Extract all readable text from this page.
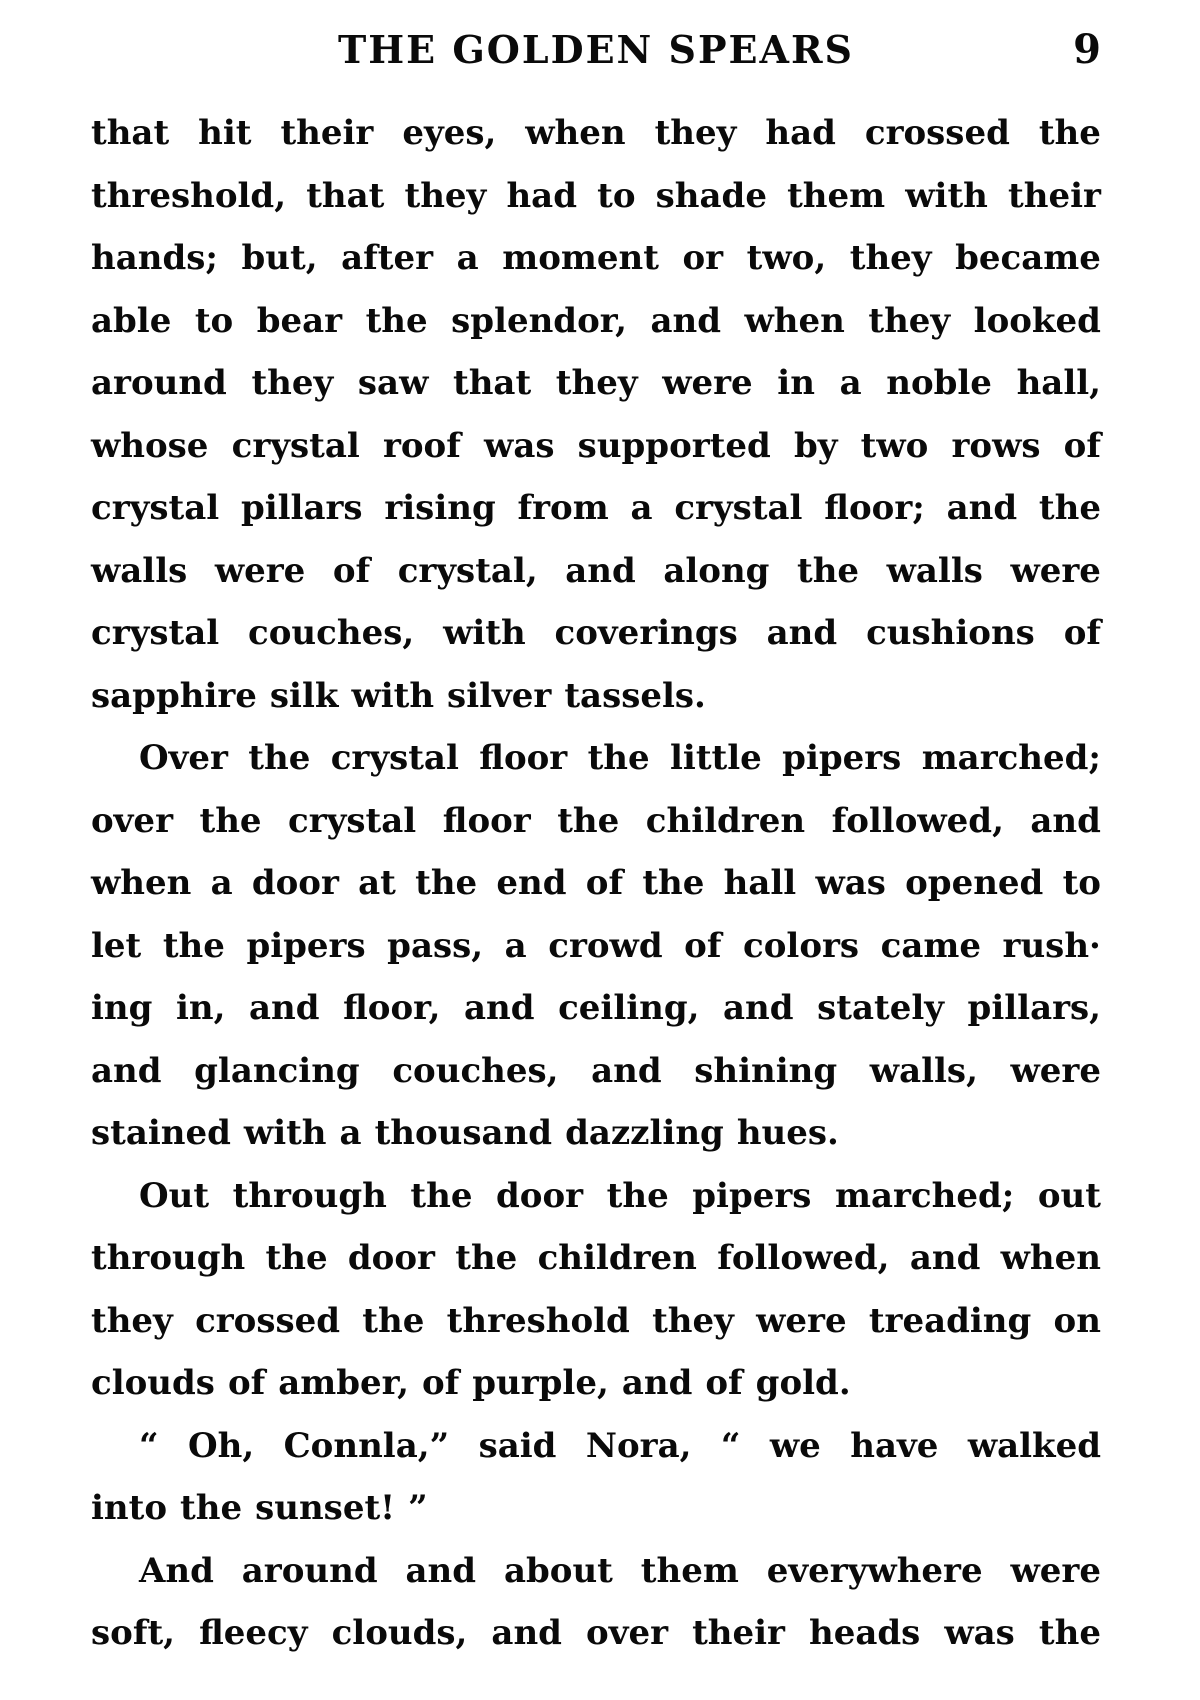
THE GOLDEN SPEARS	9
that hit their eyes, when they had crossed the
threshold, that they had to shade them with their
hands; but, after a moment or two, they became
able to bear the splendor, and when they looked
around they saw that they were in a noble hall,
whose crystal roof was supported by two rows of
crystal pillars rising from a crystal floor; and the
walls were of crystal, and along the walls were
crystal couches, with coverings and cushions of
sapphire silk with silver tassels.
Over the crystal floor the little pipers marched;
over the crystal floor the children followed, and
when a door at the end of the hall was opened to
let the pipers pass, a crowd of colors came rush·
ing in, and floor, and ceiling, and stately pillars,
and glancing couches, and shining walls, were
stained with a thousand dazzling hues.
Out through the door the pipers marched; out
through the door the children followed, and when
they crossed the threshold they were treading on
clouds of amber, of purple, and of gold.
“ Oh, Connla,” said Nora, “ we have walked
into the sunset! ”
And around and about them everywhere were
soft, fleecy clouds, and over their heads was the
